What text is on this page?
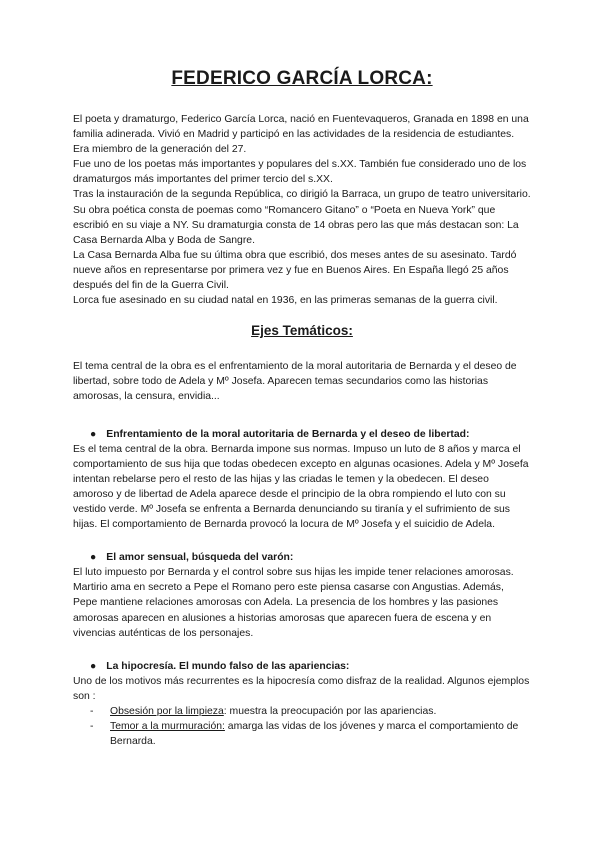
FEDERICO GARCÍA LORCA:

El poeta y dramaturgo, Federico García Lorca, nació en Fuentevaqueros, Granada en 1898 en una familia adinerada. Vivió en Madrid y participó en las actividades de la residencia de estudiantes. Era miembro de la generación del 27.

Fue uno de los poetas más importantes y populares del s.XX. También fue considerado uno de los dramaturgos más importantes del primer tercio del s.XX.

Tras la instauración de la segunda República, co dirigió la Barraca, un grupo de teatro universitario.

Su obra poética consta de poemas como “Romancero Gitano” o “Poeta en Nueva York” que escribió en su viaje a NY. Su dramaturgia consta de 14 obras pero las que más destacan son: La Casa Bernarda Alba y Boda de Sangre.

La Casa Bernarda Alba fue su última obra que escribió, dos meses antes de su asesinato. Tardó nueve años en representarse por primera vez y fue en Buenos Aires. En España llegó 25 años después del fin de la Guerra Civil.

Lorca fue asesinado en su ciudad natal en 1936, en las primeras semanas de la guerra civil.

Ejes Temáticos:

El tema central de la obra es el enfrentamiento de la moral autoritaria de Bernarda y el deseo de libertad, sobre todo de Adela y Mº Josefa. Aparecen temas secundarios como las historias amorosas, la censura, envidia...

● Enfrentamiento de la moral autoritaria de Bernarda y el deseo de libertad:

Es el tema central de la obra. Bernarda impone sus normas. Impuso un luto de 8 años y marca el comportamiento de sus hija que todas obedecen excepto en algunas ocasiones. Adela y Mº Josefa intentan rebelarse pero el resto de las hijas y las criadas le temen y la obedecen. El deseo amoroso y de libertad de Adela aparece desde el principio de la obra rompiendo el luto con su vestido verde. Mº Josefa se enfrenta a Bernarda denunciando su tiranía y el sufrimiento de sus hijas. El comportamiento de Bernarda provocó la locura de Mº Josefa y el suicidio de Adela.

● El amor sensual, búsqueda del varón:

El luto impuesto por Bernarda y el control sobre sus hijas les impide tener relaciones amorosas. Martirio ama en secreto a Pepe el Romano pero este piensa casarse con Angustias. Además, Pepe mantiene relaciones amorosas con Adela. La presencia de los hombres y las pasiones amorosas aparecen en alusiones a historias amorosas que aparecen fuera de escena y en vivencias auténticas de los personajes.

● La hipocresía. El mundo falso de las apariencias:

Uno de los motivos más recurrentes es la hipocresía como disfraz de la realidad. Algunos ejemplos son :

-	Obsesión por la limpieza: muestra la preocupación por las apariencias.
-	Temor a la murmuración: amarga las vidas de los jóvenes y marca el comportamiento de Bernarda.
